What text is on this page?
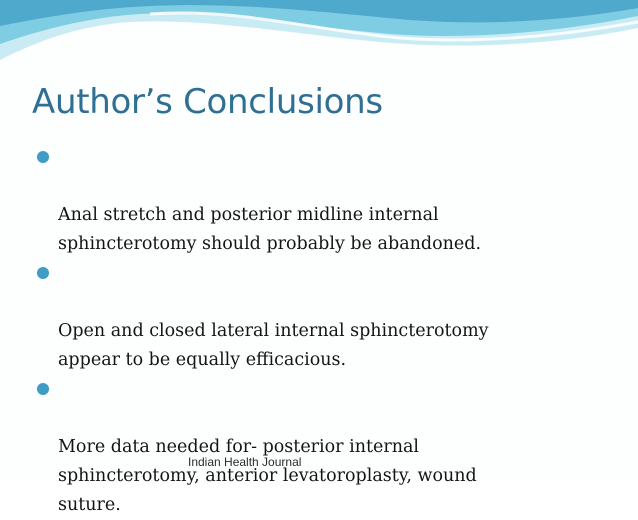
Author’s Conclusions

Anal stretch and posterior midline internal
sphincterotomy should probably be abandoned.

Open and closed lateral internal sphincterotomy
appear to be equally efficacious.

More data needed for- posterior internal
sphincterotomy, anterior levatoroplasty, wound
suture.

Indian Health Journal
